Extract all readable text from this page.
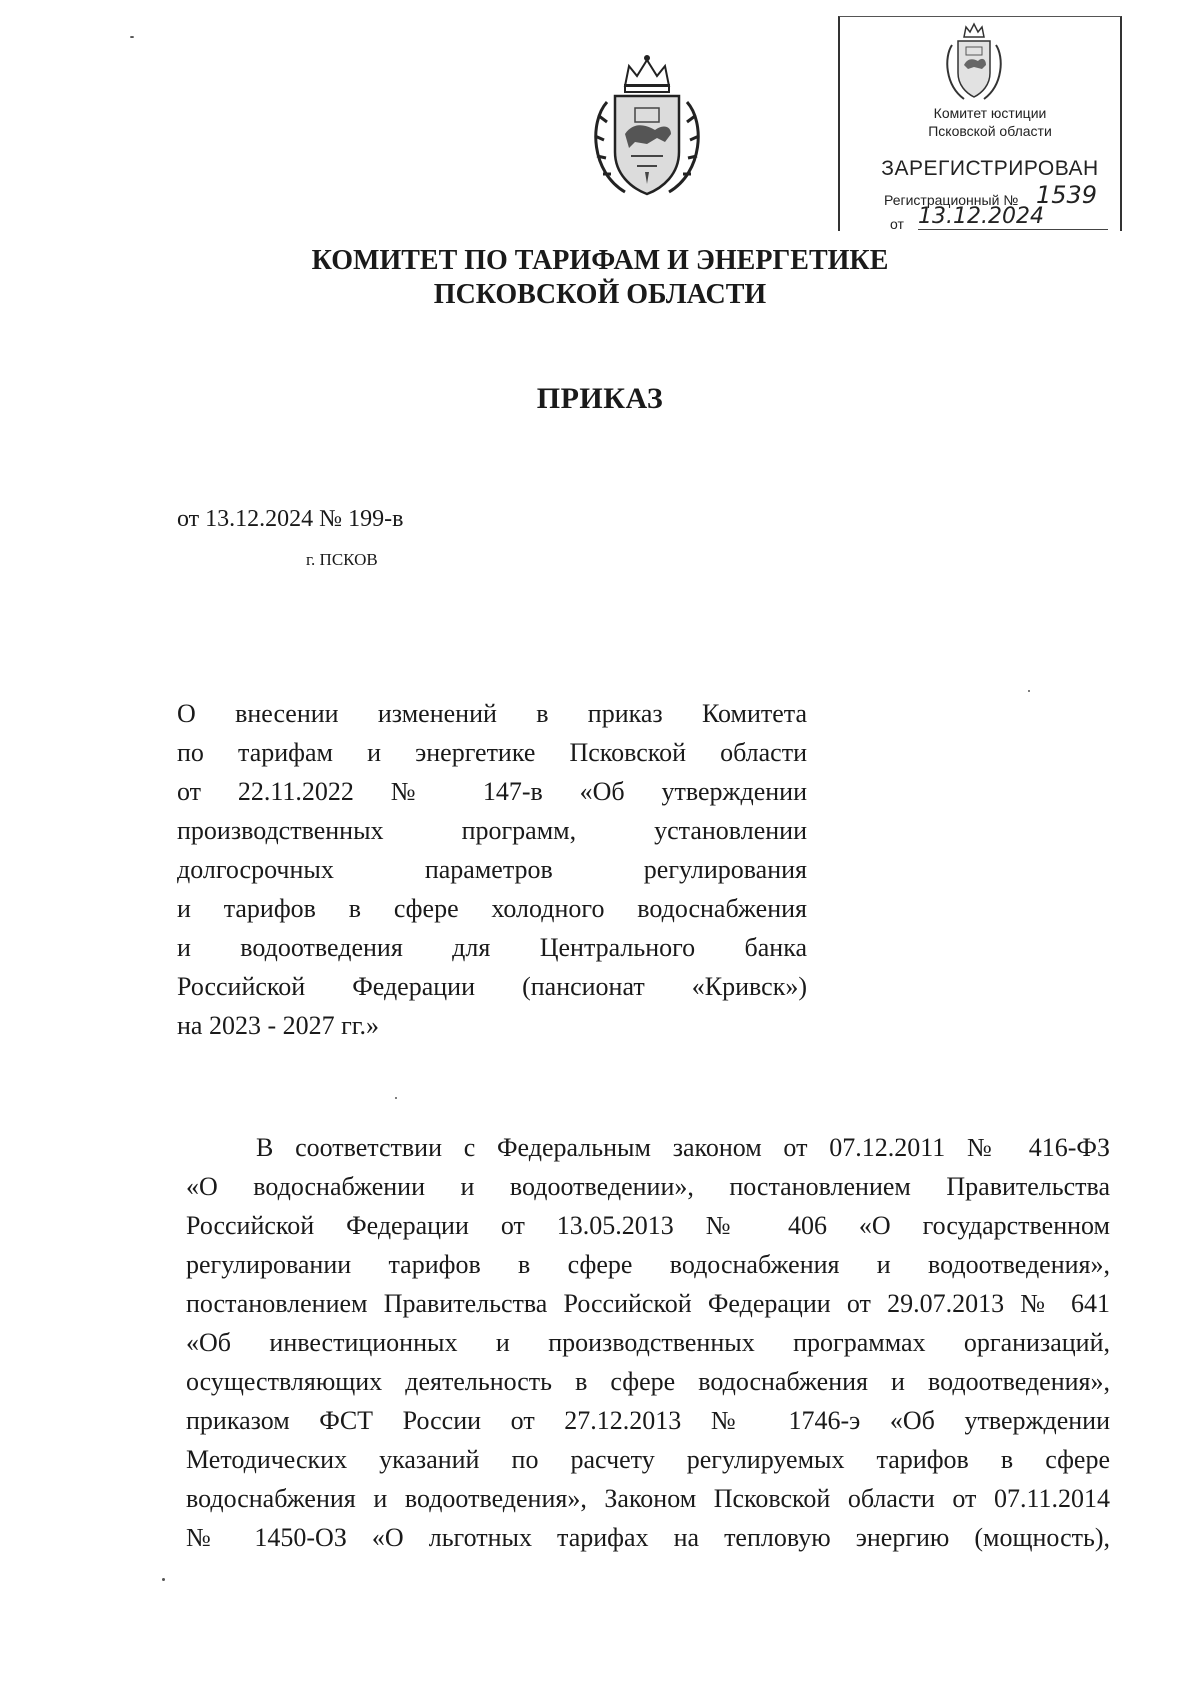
Комитет юстиции
Псковской области
ЗАРЕГИСТРИРОВАН
Регистрационный № 1539
от 13.12.2024
КОМИТЕТ ПО ТАРИФАМ И ЭНЕРГЕТИКЕ
ПСКОВСКОЙ ОБЛАСТИ
ПРИКАЗ
от 13.12.2024 № 199-в
г. ПСКОВ
О внесении изменений в приказ Комитета
по тарифам и энергетике Псковской области
от 22.11.2022 № 147-в «Об утверждении
производственных программ, установлении
долгосрочных параметров регулирования
и тарифов в сфере холодного водоснабжения
и водоотведения для Центрального банка
Российской Федерации (пансионат «Кривск»)
на 2023 - 2027 гг.»
В соответствии с Федеральным законом от 07.12.2011 № 416-ФЗ
«О водоснабжении и водоотведении», постановлением Правительства
Российской Федерации от 13.05.2013 № 406 «О государственном
регулировании тарифов в сфере водоснабжения и водоотведения»,
постановлением Правительства Российской Федерации от 29.07.2013 № 641
«Об инвестиционных и производственных программах организаций,
осуществляющих деятельность в сфере водоснабжения и водоотведения»,
приказом ФСТ России от 27.12.2013 № 1746-э «Об утверждении
Методических указаний по расчету регулируемых тарифов в сфере
водоснабжения и водоотведения», Законом Псковской области от 07.11.2014
№ 1450-ОЗ «О льготных тарифах на тепловую энергию (мощность),
